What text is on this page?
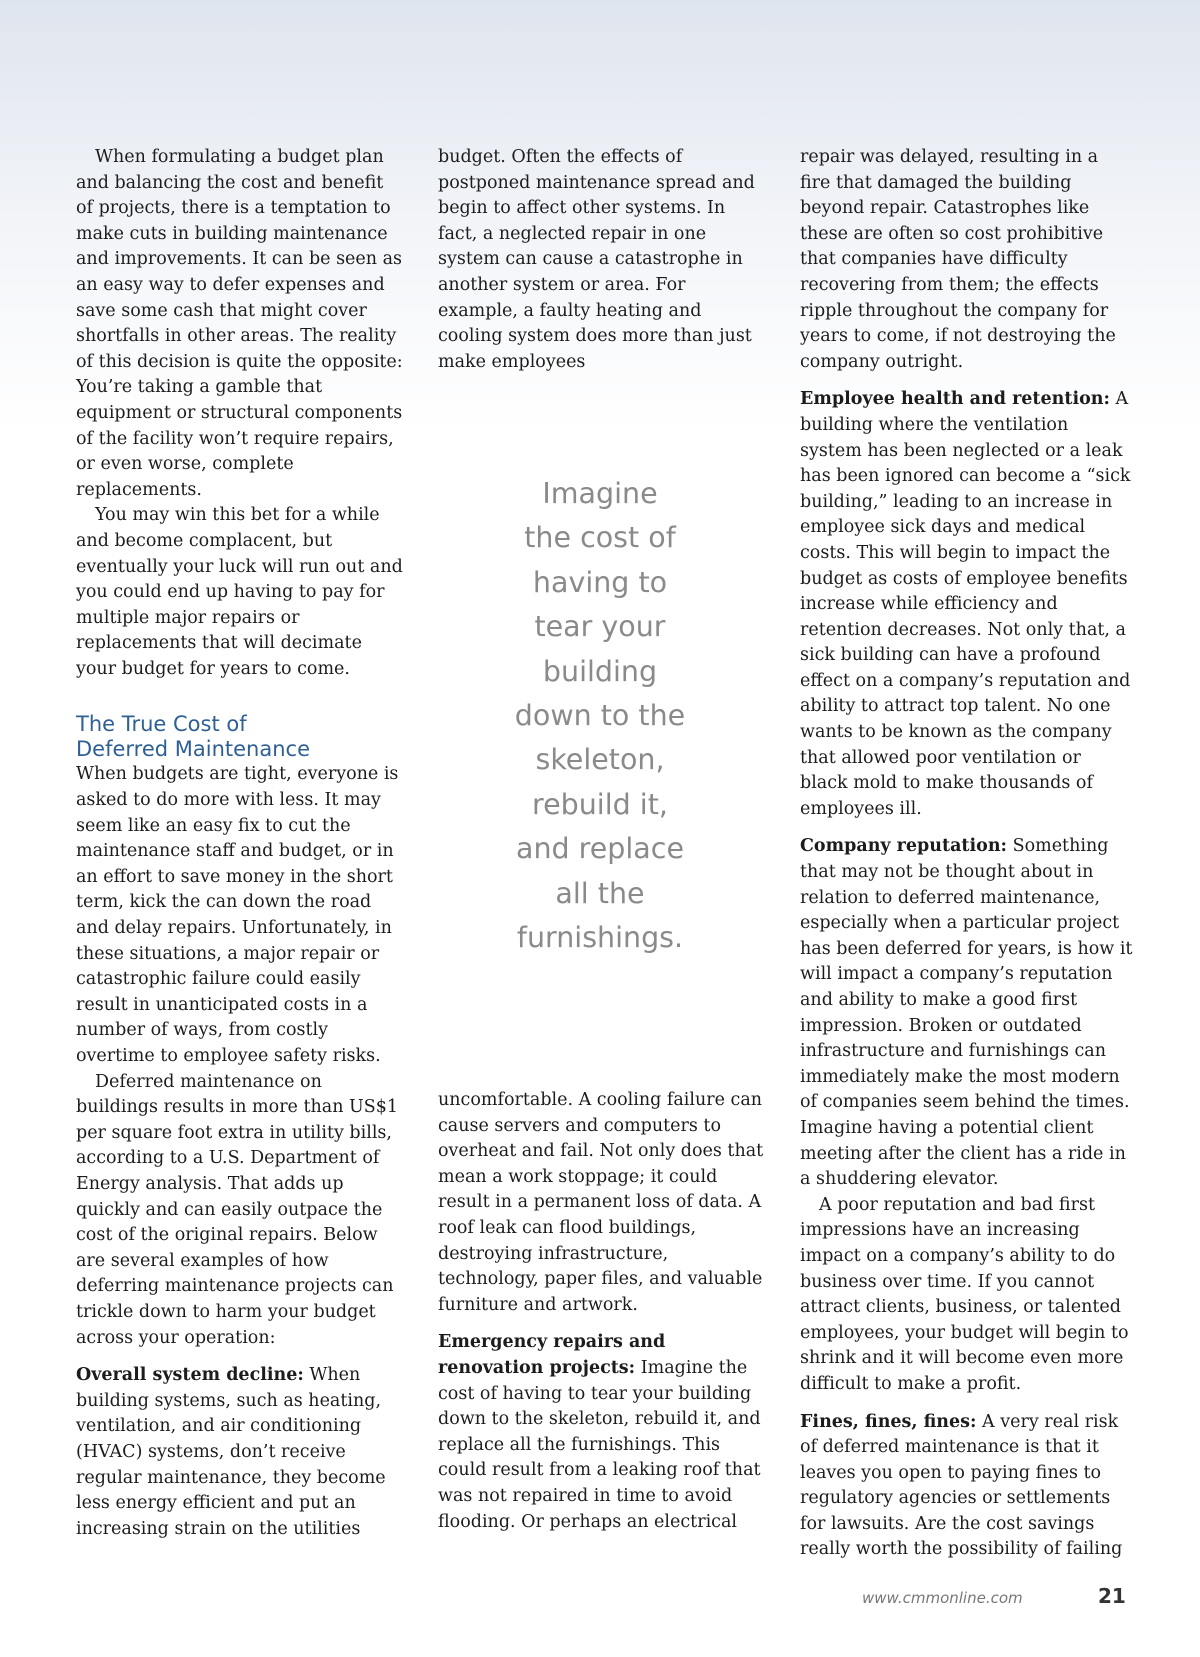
When formulating a budget plan and balancing the cost and benefit of projects, there is a temptation to make cuts in building maintenance and improvements. It can be seen as an easy way to defer expenses and save some cash that might cover shortfalls in other areas. The reality of this decision is quite the opposite: You’re taking a gamble that equipment or structural components of the facility won’t require repairs, or even worse, complete replacements.

You may win this bet for a while and become complacent, but eventually your luck will run out and you could end up having to pay for multiple major repairs or replacements that will decimate your budget for years to come.

The True Cost of
Deferred Maintenance

When budgets are tight, everyone is asked to do more with less. It may seem like an easy fix to cut the maintenance staff and budget, or in an effort to save money in the short term, kick the can down the road and delay repairs. Unfortunately, in these situations, a major repair or catastrophic failure could easily result in unanticipated costs in a number of ways, from costly overtime to employee safety risks.

Deferred maintenance on buildings results in more than US$1 per square foot extra in utility bills, according to a U.S. Department of Energy analysis. That adds up quickly and can easily outpace the cost of the original repairs. Below are several examples of how deferring maintenance projects can trickle down to harm your budget across your operation:

Overall system decline: When building systems, such as heating, ventilation, and air conditioning (HVAC) systems, don’t receive regular maintenance, they become less energy efficient and put an increasing strain on the utilities

budget. Often the effects of postponed maintenance spread and begin to affect other systems. In fact, a neglected repair in one system can cause a catastrophe in another system or area. For example, a faulty heating and cooling system does more than just make employees

Imagine
the cost of
having to
tear your
building
down to the
skeleton,
rebuild it,
and replace
all the
furnishings.

uncomfortable. A cooling failure can cause servers and computers to overheat and fail. Not only does that mean a work stoppage; it could result in a permanent loss of data. A roof leak can flood buildings, destroying infrastructure, technology, paper files, and valuable furniture and artwork.

Emergency repairs and renovation projects: Imagine the cost of having to tear your building down to the skeleton, rebuild it, and replace all the furnishings. This could result from a leaking roof that was not repaired in time to avoid flooding. Or perhaps an electrical

repair was delayed, resulting in a fire that damaged the building beyond repair. Catastrophes like these are often so cost prohibitive that companies have difficulty recovering from them; the effects ripple throughout the company for years to come, if not destroying the company outright.

Employee health and retention: A building where the ventilation system has been neglected or a leak has been ignored can become a “sick building,” leading to an increase in employee sick days and medical costs. This will begin to impact the budget as costs of employee benefits increase while efficiency and retention decreases. Not only that, a sick building can have a profound effect on a company’s reputation and ability to attract top talent. No one wants to be known as the company that allowed poor ventilation or black mold to make thousands of employees ill.

Company reputation: Something that may not be thought about in relation to deferred maintenance, especially when a particular project has been deferred for years, is how it will impact a company’s reputation and ability to make a good first impression. Broken or outdated infrastructure and furnishings can immediately make the most modern of companies seem behind the times. Imagine having a potential client meeting after the client has a ride in a shuddering elevator.

A poor reputation and bad first impressions have an increasing impact on a company’s ability to do business over time. If you cannot attract clients, business, or talented employees, your budget will begin to shrink and it will become even more difficult to make a profit.

Fines, fines, fines: A very real risk of deferred maintenance is that it leaves you open to paying fines to regulatory agencies or settlements for lawsuits. Are the cost savings really worth the possibility of failing

www.cmmonline.com	21
